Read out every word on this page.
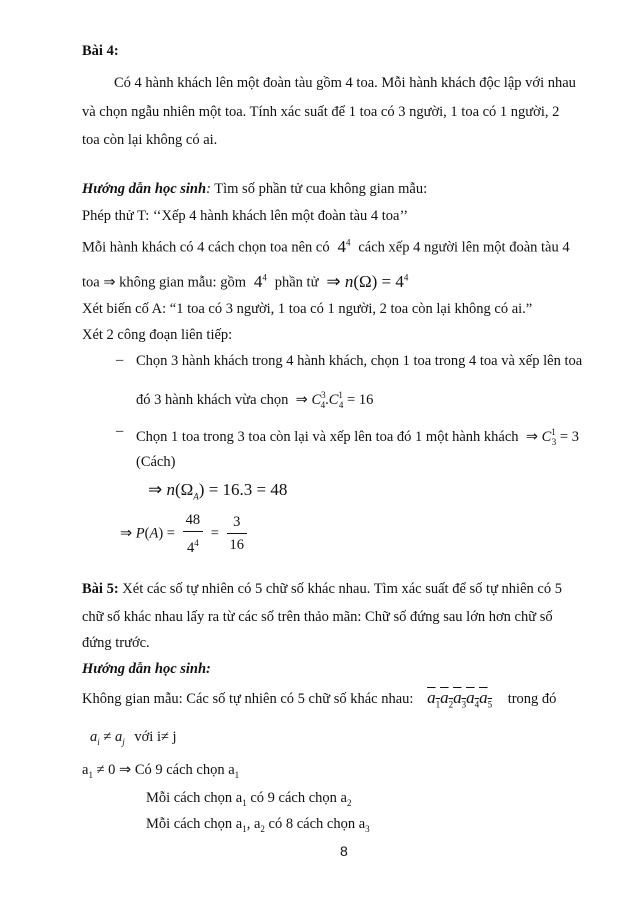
Bài 4:
Có 4 hành khách lên một đoàn tàu gồm 4 toa. Mỗi hành khách độc lập với nhau
và chọn ngẫu nhiên một toa. Tính xác suất để 1 toa có 3 người, 1 toa có 1 người, 2
toa còn lại không có ai.
Hướng dẫn học sinh: Tìm số phần tử cua không gian mẫu:
Phép thử T: ‘‘Xếp 4 hành khách lên một đoàn tàu 4 toa’’
Mỗi hành khách có 4 cách chọn toa nên có $4^4$ cách xếp 4 người lên một đoàn tàu 4
toa ⇒ không gian mẫu: gồm $4^4$ phần tử  ⇒ $n(\Omega) = 4^4$
Xét biến cố A: “1 toa có 3 người, 1 toa có 1 người, 2 toa còn lại không có ai.”
Xét 2 công đoạn liên tiếp:
– Chọn 3 hành khách trong 4 hành khách, chọn 1 toa trong 4 toa và xếp lên toa
đó 3 hành khách vừa chọn  ⇒ $C^3_4.C^1_4 = 16$
– Chọn 1 toa trong 3 toa còn lại và xếp lên toa đó 1 một hành khách  ⇒ $C^1_3 = 3$
(Cách)
⇒ $n(\Omega_A) = 16.3 = 48$
⇒ $P(A) = \frac{48}{4^4} = \frac{3}{16}$
Bài 5: Xét các số tự nhiên có 5 chữ số khác nhau. Tìm xác suất để số tự nhiên có 5
chữ số khác nhau lấy ra từ các số trên thảo mãn: Chữ số đứng sau lớn hơn chữ số
đứng trước.
Hướng dẫn học sinh:
Không gian mẫu: Các số tự nhiên có 5 chữ số khác nhau: $a_1a_2a_3a_4a_5$ trong đó
$a_i \ne a_j$ với i≠ j
$a_1 \ne 0$ ⇒ Có 9 cách chọn $a_1$
Mỗi cách chọn $a_1$ có 9 cách chọn $a_2$
Mỗi cách chọn $a_1$, $a_2$ có 8 cách chọn $a_3$
8
